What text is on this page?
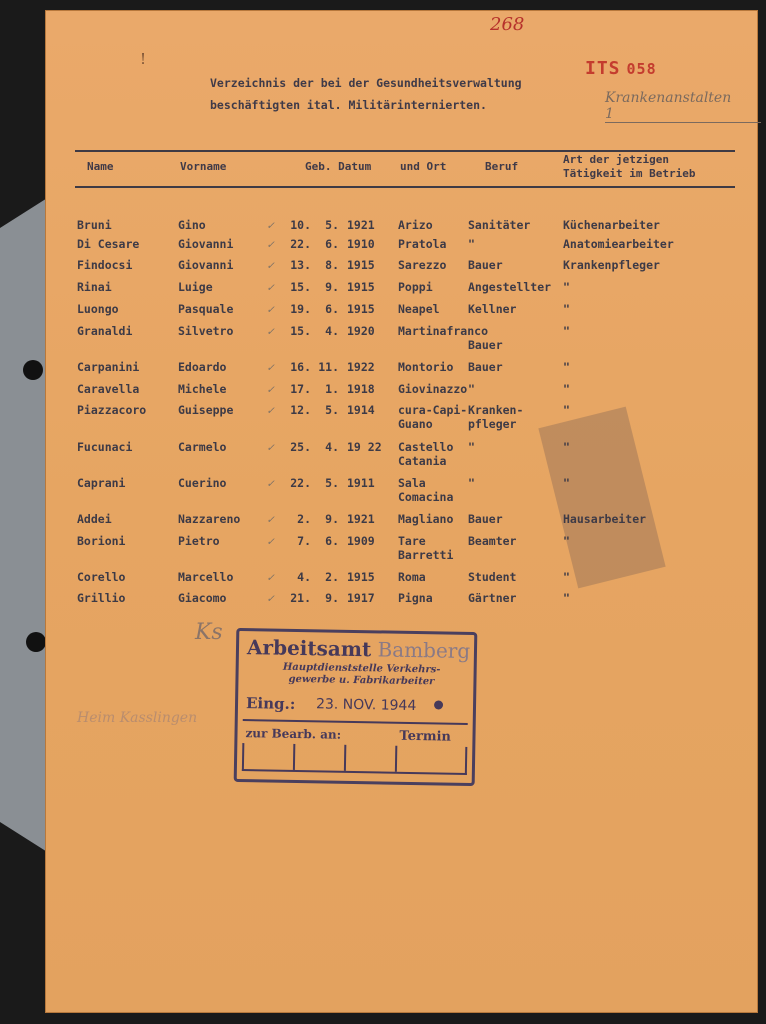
268
!	ITS 058
Krankenanstalten 1
Verzeichnis der bei der Gesundheitsverwaltung
beschäftigten ital. Militärinternierten.
Name	Vorname	Geb. Datum	und Ort	Beruf
Art der jetzigen
Tätigkeit im Betrieb
Bruni	Gino	✓ 10.	5. 1921 Arizo	Sanitäter	Küchenarbeiter
Di Cesare	Giovanni	✓ 22.	6. 1910 Pratola	"	Anatomiearbeiter
Findocsi	Giovanni	✓ 13.	8. 1915 Sarezzo	Bauer	Krankenpfleger
Rinai	Luige	✓ 15.	9. 1915 Poppi	Angestellter "
Luongo	Pasquale	✓ 19.	6. 1915 Neapel	Kellner	"
Granaldi	Silvetro	✓ 15.	4. 1920 Martinafranco	"
Bauer
Carpanini	Edoardo	✓ 16. 11. 1922 Montorio	Bauer	"
Caravella	Michele	✓ 17.	1. 1918 Giovinazzo "	"
Piazzacoro	Guiseppe	✓ 12.	5. 1914 cura-Capi- Kranken-	"
Guano	pfleger
Fucunaci	Carmelo	✓ 25.	4. 19 22 Castello	"	"
Catania
Caprani	Cuerino	✓ 22.	5. 1911 Sala	"	"
Comacina
Addei	Nazzareno ✓	2.	9. 1921 Magliano	Bauer	Hausarbeiter
Borioni	Pietro	✓	7.	6. 1909 Tare	Beamter	"
Barretti
Corello	Marcello	✓	4.	2. 1915 Roma	Student	"
Grillio	Giacomo	✓ 21.	9. 1917 Pigna	Gärtner	"
Ks
Heim Kasslingen
Arbeitsamt Bamberg
Hauptdienststelle Verkehrs-
gewerbe u. Fabrikarbeiter
Eing.: 23. NOV. 1944
zur Bearb. an:	Termin
